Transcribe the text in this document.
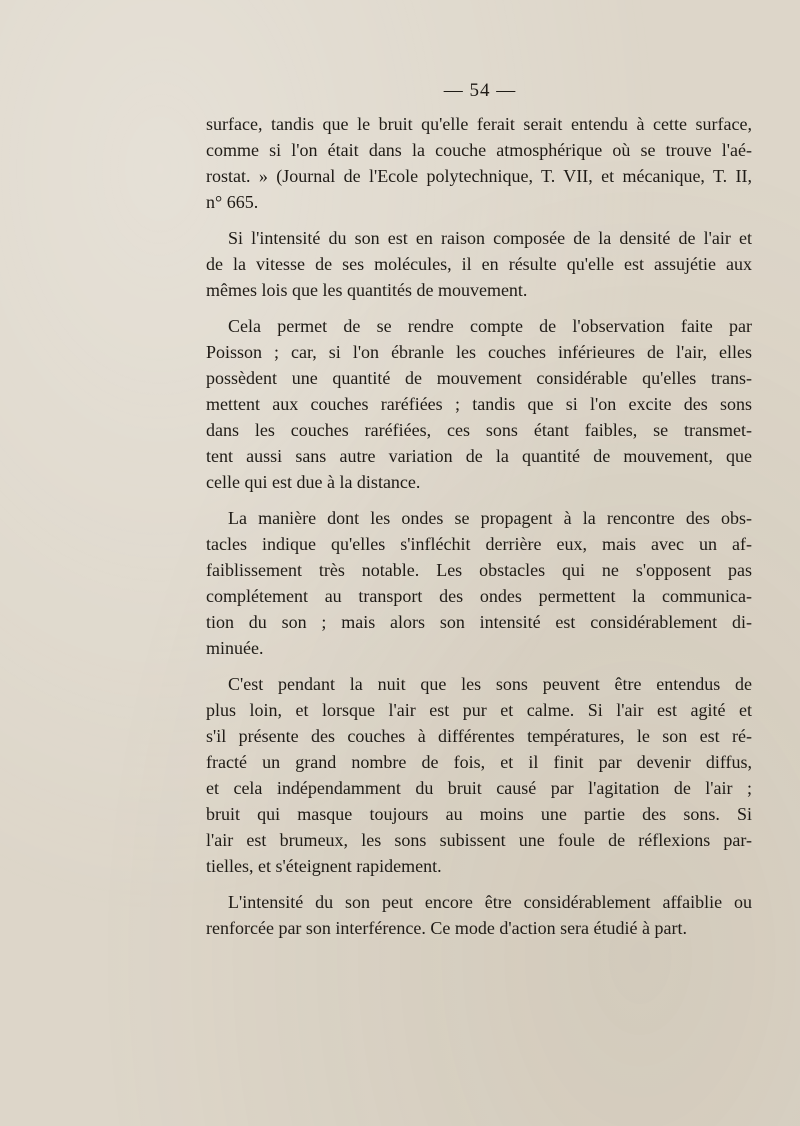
— 54 —

surface, tandis que le bruit qu'elle ferait serait entendu à cette surface,
comme si l'on était dans la couche atmosphérique où se trouve l'aé-
rostat. » (Journal de l'Ecole polytechnique, T. VII, et mécanique, T. II,
n° 665.

Si l'intensité du son est en raison composée de la densité de l'air et
de la vitesse de ses molécules, il en résulte qu'elle est assujétie aux
mêmes lois que les quantités de mouvement.

Cela permet de se rendre compte de l'observation faite par
Poisson ; car, si l'on ébranle les couches inférieures de l'air, elles
possèdent une quantité de mouvement considérable qu'elles trans-
mettent aux couches raréfiées ; tandis que si l'on excite des sons
dans les couches raréfiées, ces sons étant faibles, se transmet-
tent aussi sans autre variation de la quantité de mouvement, que
celle qui est due à la distance.

La manière dont les ondes se propagent à la rencontre des obs-
tacles indique qu'elles s'infléchit derrière eux, mais avec un af-
faiblissement très notable. Les obstacles qui ne s'opposent pas
complétement au transport des ondes permettent la communica-
tion du son ; mais alors son intensité est considérablement di-
minuée.

C'est pendant la nuit que les sons peuvent être entendus de
plus loin, et lorsque l'air est pur et calme. Si l'air est agité et
s'il présente des couches à différentes températures, le son est ré-
fracté un grand nombre de fois, et il finit par devenir diffus,
et cela indépendamment du bruit causé par l'agitation de l'air ;
bruit qui masque toujours au moins une partie des sons. Si
l'air est brumeux, les sons subissent une foule de réflexions par-
tielles, et s'éteignent rapidement.

L'intensité du son peut encore être considérablement affaiblie ou
renforcée par son interférence. Ce mode d'action sera étudié à part.
